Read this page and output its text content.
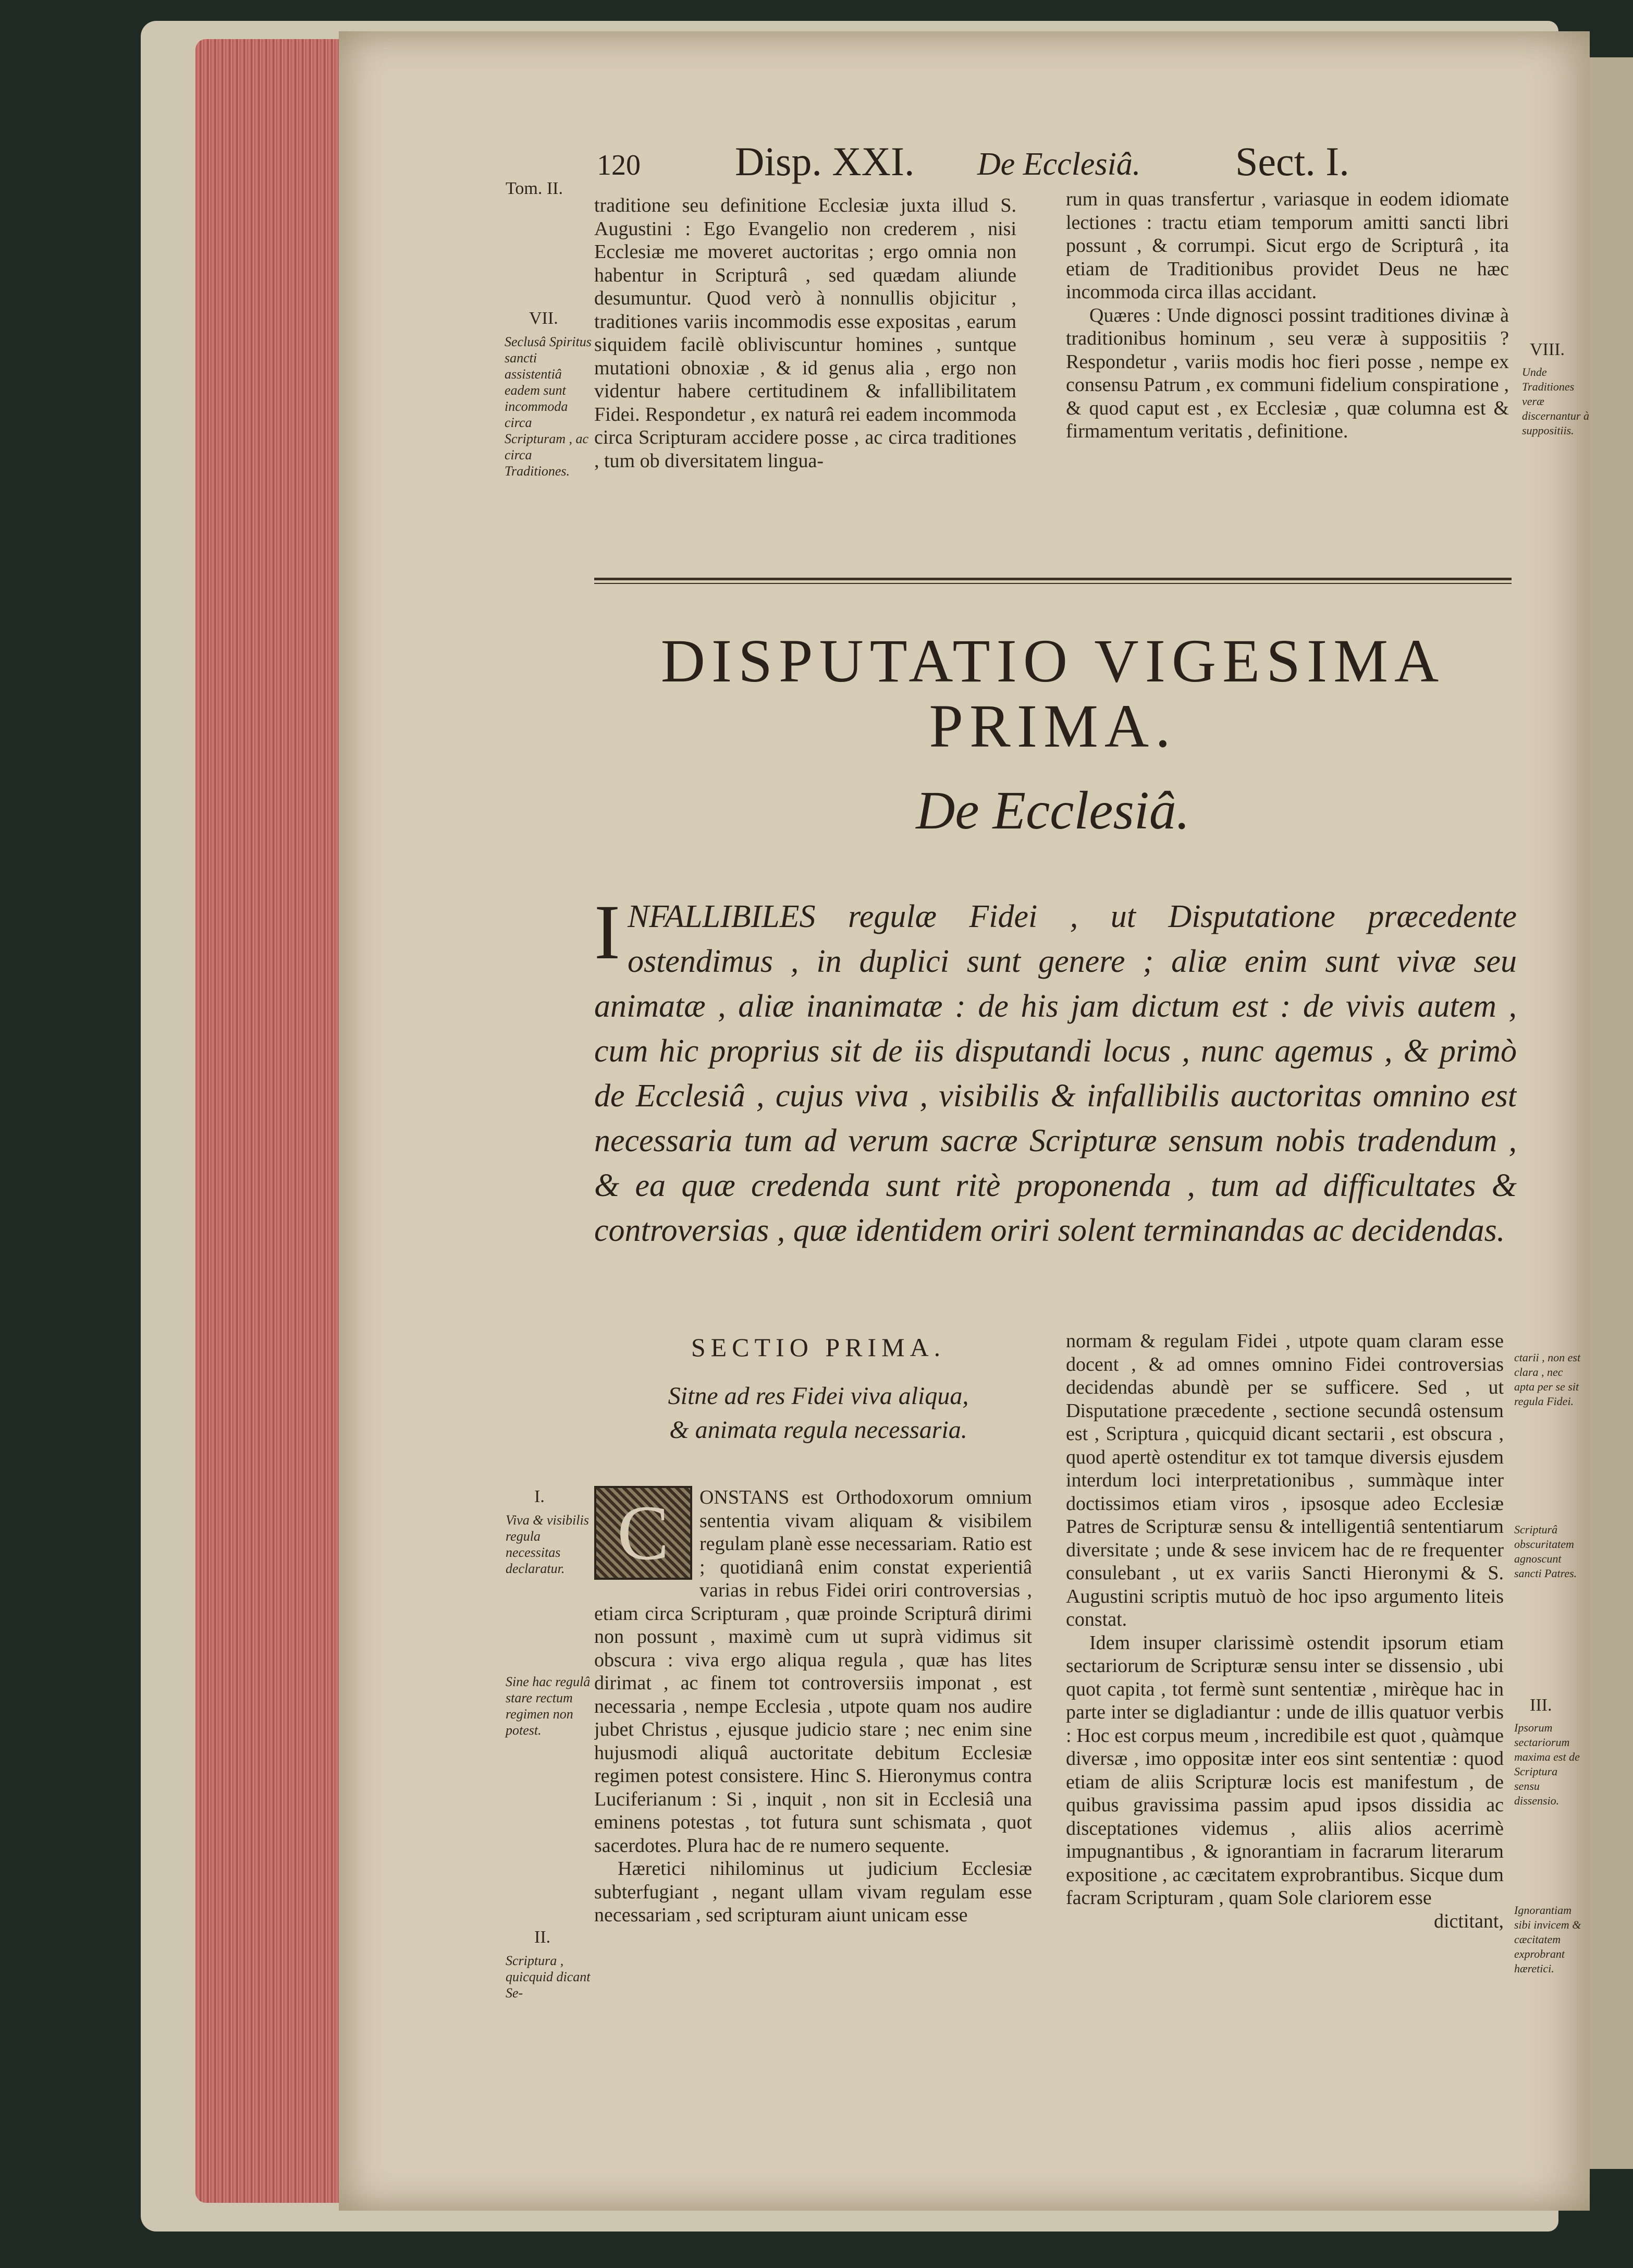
Tom. II.
120 Disp. XXI. De Ecclesiâ. Sect. I.

traditione seu definitione Ecclesiæ juxta illud S. Augustini : Ego Evangelio non crederem , nisi Ecclesiæ me moveret auctoritas ; ergo omnia non habentur in Scripturâ , sed quædam aliunde desumuntur. Quod verò à nonnullis objicitur , traditiones variis incommodis esse expositas , earum siquidem facilè obliviscuntur homines , suntque mutationi obnoxiæ , & id genus alia , ergo non videntur habere certitudinem & infallibilitatem Fidei. Respondetur , ex naturâ rei eadem incommoda circa Scripturam accidere posse , ac circa traditiones , tum ob diversitatem lingua-

rum in quas transfertur , variasque in eodem idiomate lectiones : tractu etiam temporum amitti sancti libri possunt , & corrumpi. Sicut ergo de Scripturâ , ita etiam de Traditionibus providet Deus ne hæc incommoda circa illas accidant.

Quæres : Unde dignosci possint traditiones divinæ à traditionibus hominum , seu veræ à suppositiis ? Respondetur , variis modis hoc fieri posse , nempe ex consensu Patrum , ex communi fidelium conspiratione , & quod caput est , ex Ecclesiæ , quæ columna est & firmamentum veritatis , definitione.

VII.
Seclusâ Spiritus sancti assistentiâ eadem sunt incommoda circa Scripturam , ac circa Traditiones.
VIII.
Unde Traditiones veræ discernantur à suppositiis.
DISPUTATIO VIGESIMA
PRIMA.
De Ecclesiâ.
I NFALLIBILES regulæ Fidei , ut Disputatione præcedente ostendimus , in duplici sunt genere ; aliæ enim sunt vivæ seu animatæ , aliæ inanimatæ : de his jam dictum est : de vivis autem , cum hic proprius sit de iis disputandi locus , nunc agemus , & primò de Ecclesiâ , cujus viva , visibilis & infallibilis auctoritas omnino est necessaria tum ad verum sacræ Scripturæ sensum nobis tradendum , & ea quæ credenda sunt ritè proponenda , tum ad difficultates & controversias , quæ identidem oriri solent terminandas ac decidendas.
SECTIO PRIMA.
Sitne ad res Fidei viva aliqua,
& animata regula necessaria.
C	ONSTANS est Orthodoxorum omnium sententia vivam aliquam & visibilem regulam planè esse necessariam. Ratio est ; quotidianâ enim constat experientiâ varias in rebus Fidei oriri controversias , etiam circa Scripturam , quæ proinde Scripturâ dirimi non possunt , maximè cum ut suprà vidimus sit obscura : viva ergo aliqua regula , quæ has lites dirimat , ac finem tot controversiis imponat , est necessaria , nempe Ecclesia , utpote quam nos audire jubet Christus , ejusque judicio stare ; nec enim sine hujusmodi aliquâ auctoritate debitum Ecclesiæ regimen potest consistere. Hinc S. Hieronymus contra Luciferianum : Si , inquit , non sit in Ecclesiâ una eminens potestas , tot futura sunt schismata , quot sacerdotes. Plura hac de re numero sequente.

Hæretici nihilominus ut judicium Ecclesiæ subterfugiant , negant ullam vivam regulam esse necessariam , sed scripturam aiunt unicam esse

I.
Viva & visibilis regula necessitas declaratur.
Sine hac regulâ stare rectum regimen non potest.
II.
Scriptura , quicquid dicant Se-

normam & regulam Fidei , utpote quam claram esse docent , & ad omnes omnino Fidei controversias decidendas abundè per se sufficere. Sed , ut Disputatione præcedente , sectione secundâ ostensum est , Scriptura , quicquid dicant sectarii , est obscura , quod apertè ostenditur ex tot tamque diversis ejusdem interdum loci interpretationibus , summàque inter doctissimos etiam viros , ipsosque adeo Ecclesiæ Patres de Scripturæ sensu & intelligentiâ sententiarum diversitate ; unde & sese invicem hac de re frequenter consulebant , ut ex variis Sancti Hieronymi & S. Augustini scriptis mutuò de hoc ipso argumento liteis constat.

Idem insuper clarissimè ostendit ipsorum etiam sectariorum de Scripturæ sensu inter se dissensio , ubi quot capita , tot fermè sunt sententiæ , mirèque hac in parte inter se digladiantur : unde de illis quatuor verbis : Hoc est corpus meum , incredibile est quot , quàmque diversæ , imo oppositæ inter eos sint sententiæ : quod etiam de aliis Scripturæ locis est manifestum , de quibus gravissima passim apud ipsos dissidia ac disceptationes videmus , aliis alios acerrimè impugnantibus , & ignorantiam in facrarum literarum expositione , ac cæcitatem exprobrantibus. Sicque dum facram Scripturam , quam Sole clariorem esse

dictitant,

ctarii , non est clara , nec apta per se sit regula Fidei.
Scripturâ obscuritatem agnoscunt sancti Patres.
III.
Ipsorum sectariorum maxima est de Scriptura sensu dissensio.
Ignorantiam sibi invicem & cæcitatem exprobrant hæretici.
